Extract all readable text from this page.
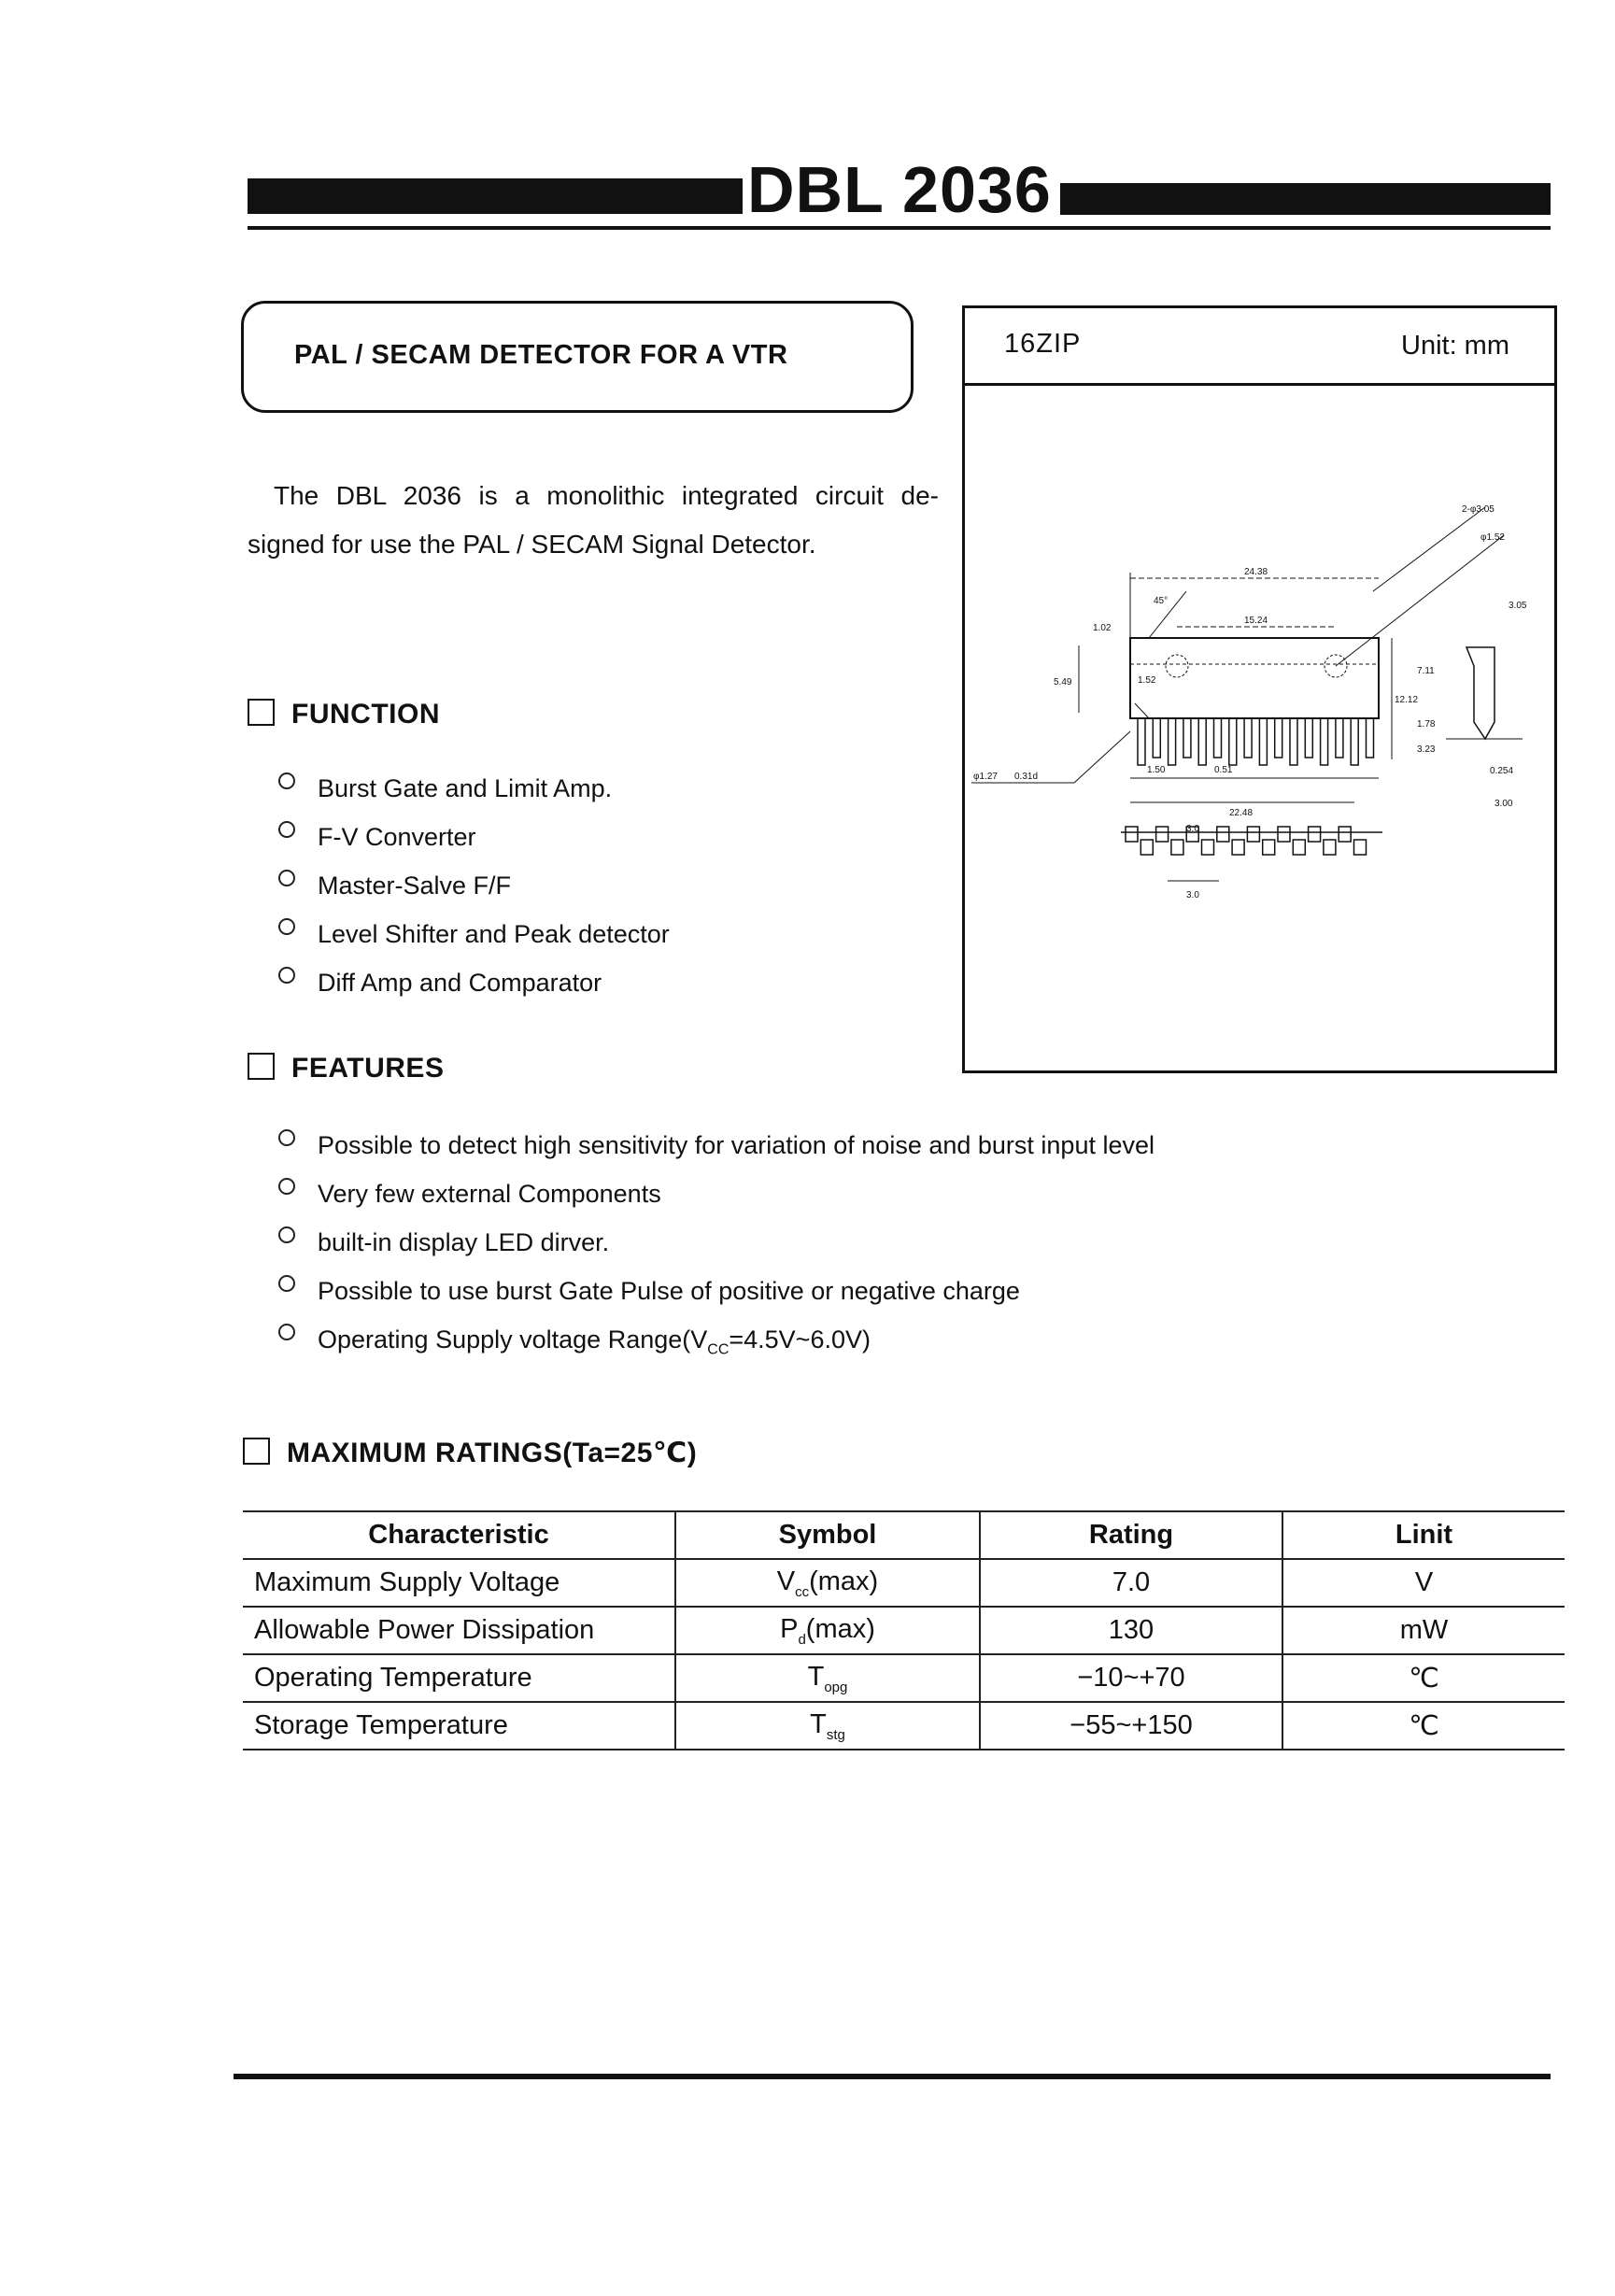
DBL 2036
PAL / SECAM DETECTOR FOR A VTR
The DBL 2036 is a monolithic integrated circuit de-
signed for use the PAL / SECAM Signal Detector.
FUNCTION
Burst Gate and Limit Amp.
F-V Converter
Master-Salve F/F
Level Shifter and Peak detector
Diff Amp and Comparator
FEATURES
Possible to detect high sensitivity for variation of noise and burst input level
Very few external Components
built-in display LED dirver.
Possible to use burst Gate Pulse of positive or negative charge
Operating Supply voltage $Range(V_{CC}=4.5V\sim 6.0V)$
16ZIP	Unit: mm
24.38
15.24
45°
1.02
5.49	1.52
12.12
7.11
1.78
3.23
1.50	0.51
22.48
3.0
3.0
2-φ3.05
φ1.52
3.05
0.254
3.00
φ1.27 0.31d
MAXIMUM RATINGS(Ta=25℃)
Characteristic	Symbol	Rating	Linit
Maximum Supply Voltage	$V_{cc}(\max)$	7.0	V
Allowable Power Dissipation	$P_d(\max)$	130	mW
Operating Temperature	$T_{opg}$	−10~+70	℃
Storage Temperature	$T_{stg}$	−55~+150	℃
